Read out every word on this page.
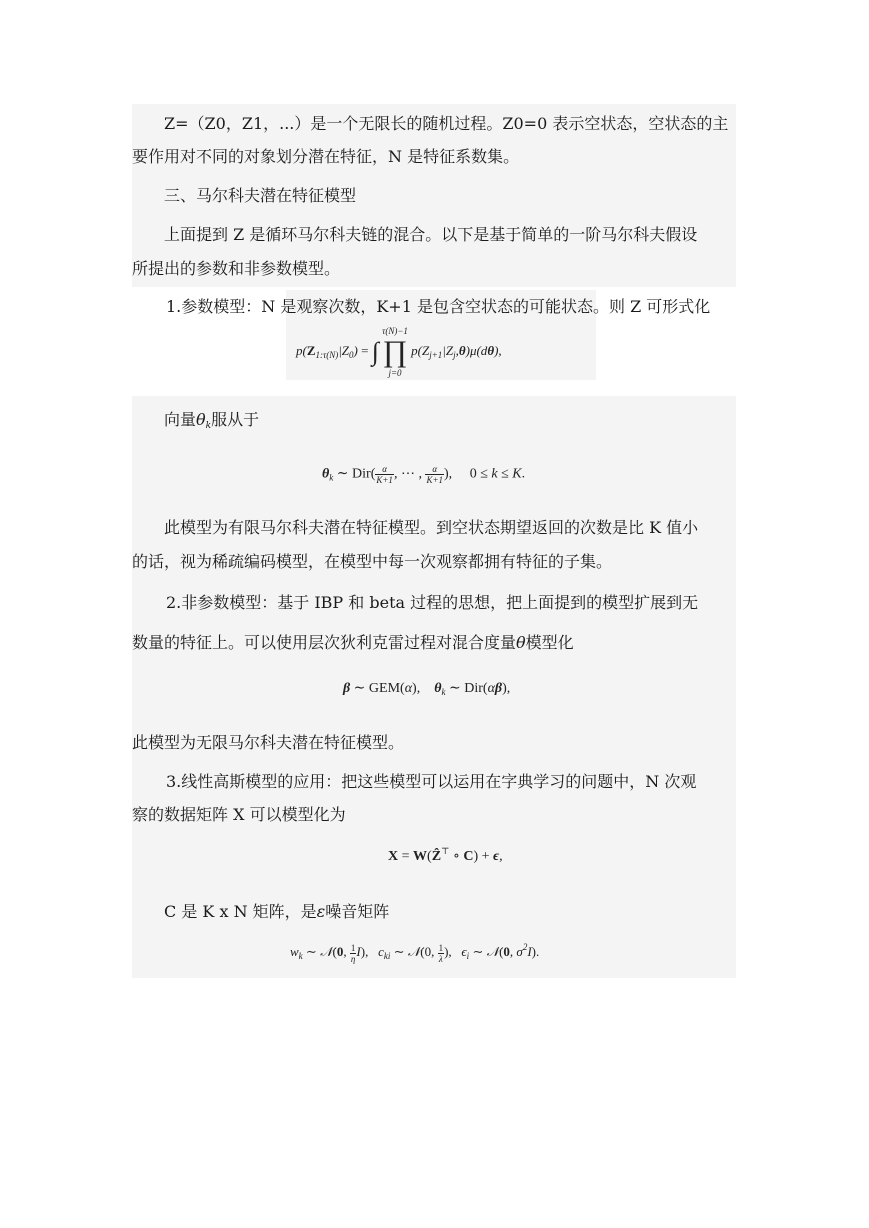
Z=（Z0，Z1，...）是一个无限长的随机过程。Z0=0 表示空状态，空状态的主
要作用对不同的对象划分潜在特征，N 是特征系数集。
三、马尔科夫潜在特征模型
上面提到 Z 是循环马尔科夫链的混合。以下是基于简单的一阶马尔科夫假设
所提出的参数和非参数模型。
1.参数模型：N 是观察次数，K+1 是包含空状态的可能状态。则 Z 可形式化
$p(Z_{1:\tau(N)}|Z_0)$ = ∫
τ(N)−1
∏
j=0
$p(Z_{j+1}|Z_j,\theta)\mu(d\theta)$,
向量$\theta_k$服从于
$\theta_k$ ∼ $Dir( \frac{\alpha}{K+1}$ , ⋯ , $\frac{\alpha}{K+1}$ ), 0 ≤ k ≤ K.
此模型为有限马尔科夫潜在特征模型。到空状态期望返回的次数是比 K 值小
的话，视为稀疏编码模型，在模型中每一次观察都拥有特征的子集。
2.非参数模型：基于 IBP 和 beta 过程的思想，把上面提到的模型扩展到无
数量的特征上。可以使用层次狄利克雷过程对混合度量θ模型化
β ∼ GEM(α), $\theta_k$ ∼ Dir(αβ),
此模型为无限马尔科夫潜在特征模型。
3.线性高斯模型的应用：把这些模型可以运用在字典学习的问题中，N 次观
察的数据矩阵 X 可以模型化为
X = W(Ẑ⊤ ∘ C) + ϵ,
C 是 K x N 矩阵，是ε噪音矩阵
$w_k$ ∼ 𝒩(0, $\frac{1}{\eta} I$),   $c_{ki}$ ∼ 𝒩(0, $\frac{1}{\lambda}$ ),   $\epsilon_i$ ∼ 𝒩(0, $\sigma^2I$).
